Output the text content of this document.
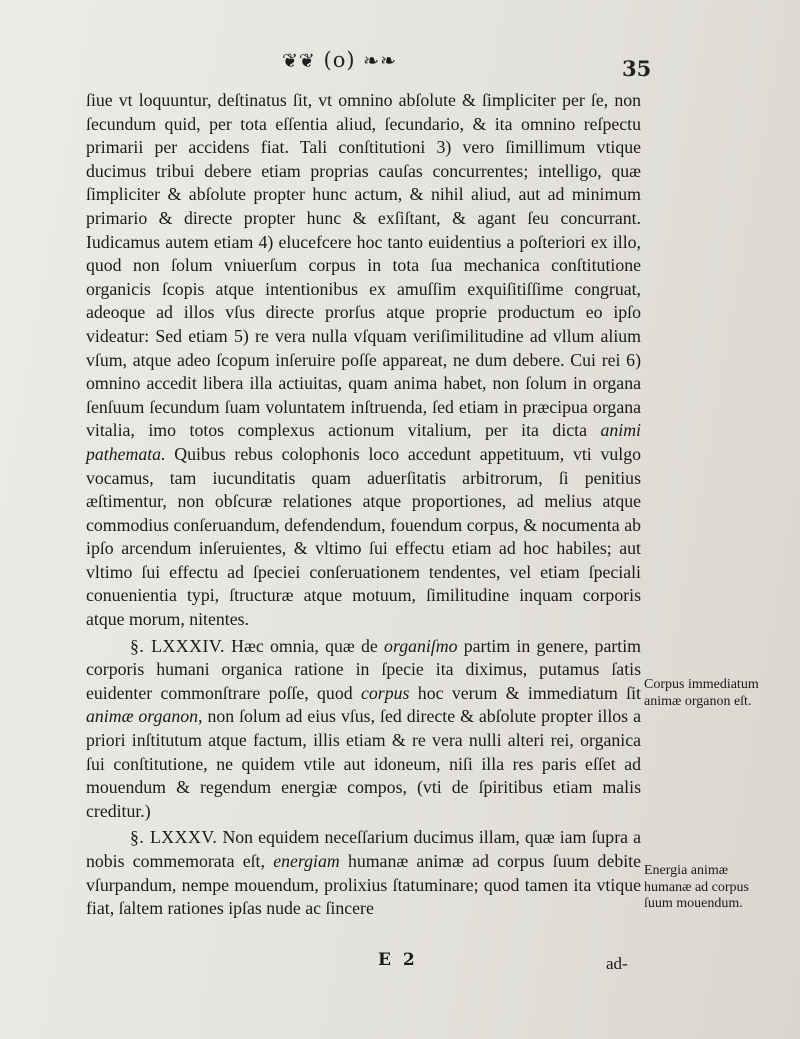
❦❦ (o) ❧❧	35

ſiue vt loquuntur, deſtinatus ſit, vt omnino abſolute & ſimpliciter per ſe, non ſecundum quid, per tota eſſentia aliud, ſecundario, & ita omnino reſpectu primarii per accidens fiat. Tali conſtitutioni 3) vero ſimillimum vtique ducimus tribui debere etiam proprias cauſas concurrentes; intelligo, quæ ſimpliciter & abſolute propter hunc actum, & nihil aliud, aut ad minimum primario & directe propter hunc & exſiſtant, & agant ſeu concurrant. Iudicamus autem etiam 4) elucefcere hoc tanto euidentius a poſteriori ex illo, quod non ſolum vniuerſum corpus in tota ſua mechanica conſtitutione organicis ſcopis atque intentionibus ex amuſſim exquiſitiſſime congruat, adeoque ad illos vſus directe prorſus atque proprie productum eo ipſo videatur: Sed etiam 5) re vera nulla vſquam veriſimilitudine ad vllum alium vſum, atque adeo ſcopum inſeruire poſſe appareat, ne dum debere. Cui rei 6) omnino accedit libera illa actiuitas, quam anima habet, non ſolum in organa ſenſuum ſecundum ſuam voluntatem inſtruenda, ſed etiam in præcipua organa vitalia, imo totos complexus actionum vitalium, per ita dicta animi pathemata. Quibus rebus colophonis loco accedunt appetituum, vti vulgo vocamus, tam iucunditatis quam aduerſitatis arbitrorum, ſi penitius æſtimentur, non obſcuræ relationes atque proportiones, ad melius atque commodius conſeruandum, defendendum, fouendum corpus, & nocumenta ab ipſo arcendum inſeruientes, & vltimo ſui effectu etiam ad hoc habiles; aut vltimo ſui effectu ad ſpeciei conſeruationem tendentes, vel etiam ſpeciali conuenientia typi, ſtructuræ atque motuum, ſimilitudine inquam corporis atque morum, nitentes.

§. LXXXIV. Hæc omnia, quæ de organiſmo partim in genere, partim corporis humani organica ratione in ſpecie ita diximus, putamus ſatis euidenter commonſtrare poſſe, quod corpus hoc verum & immediatum ſit animæ organon, non ſolum ad eius vſus, ſed directe & abſolute propter illos a priori inſtitutum atque factum, illis etiam & re vera nulli alteri rei, organica ſui conſtitutione, ne quidem vtile aut idoneum, niſi illa res paris eſſet ad mouendum & regendum energiæ compos, (vti de ſpiritibus etiam malis creditur.)

§. LXXXV. Non equidem neceſſarium ducimus illam, quæ iam ſupra a nobis commemorata eſt, energiam humanæ animæ ad corpus ſuum debite vſurpandum, nempe mouendum, prolixius ſtatuminare; quod tamen ita vtique fiat, ſaltem rationes ipſas nude ac ſincere

Corpus immediatum animæ organon eſt.
Energia animæ humanæ ad corpus ſuum mouendum.
E 2	ad-
